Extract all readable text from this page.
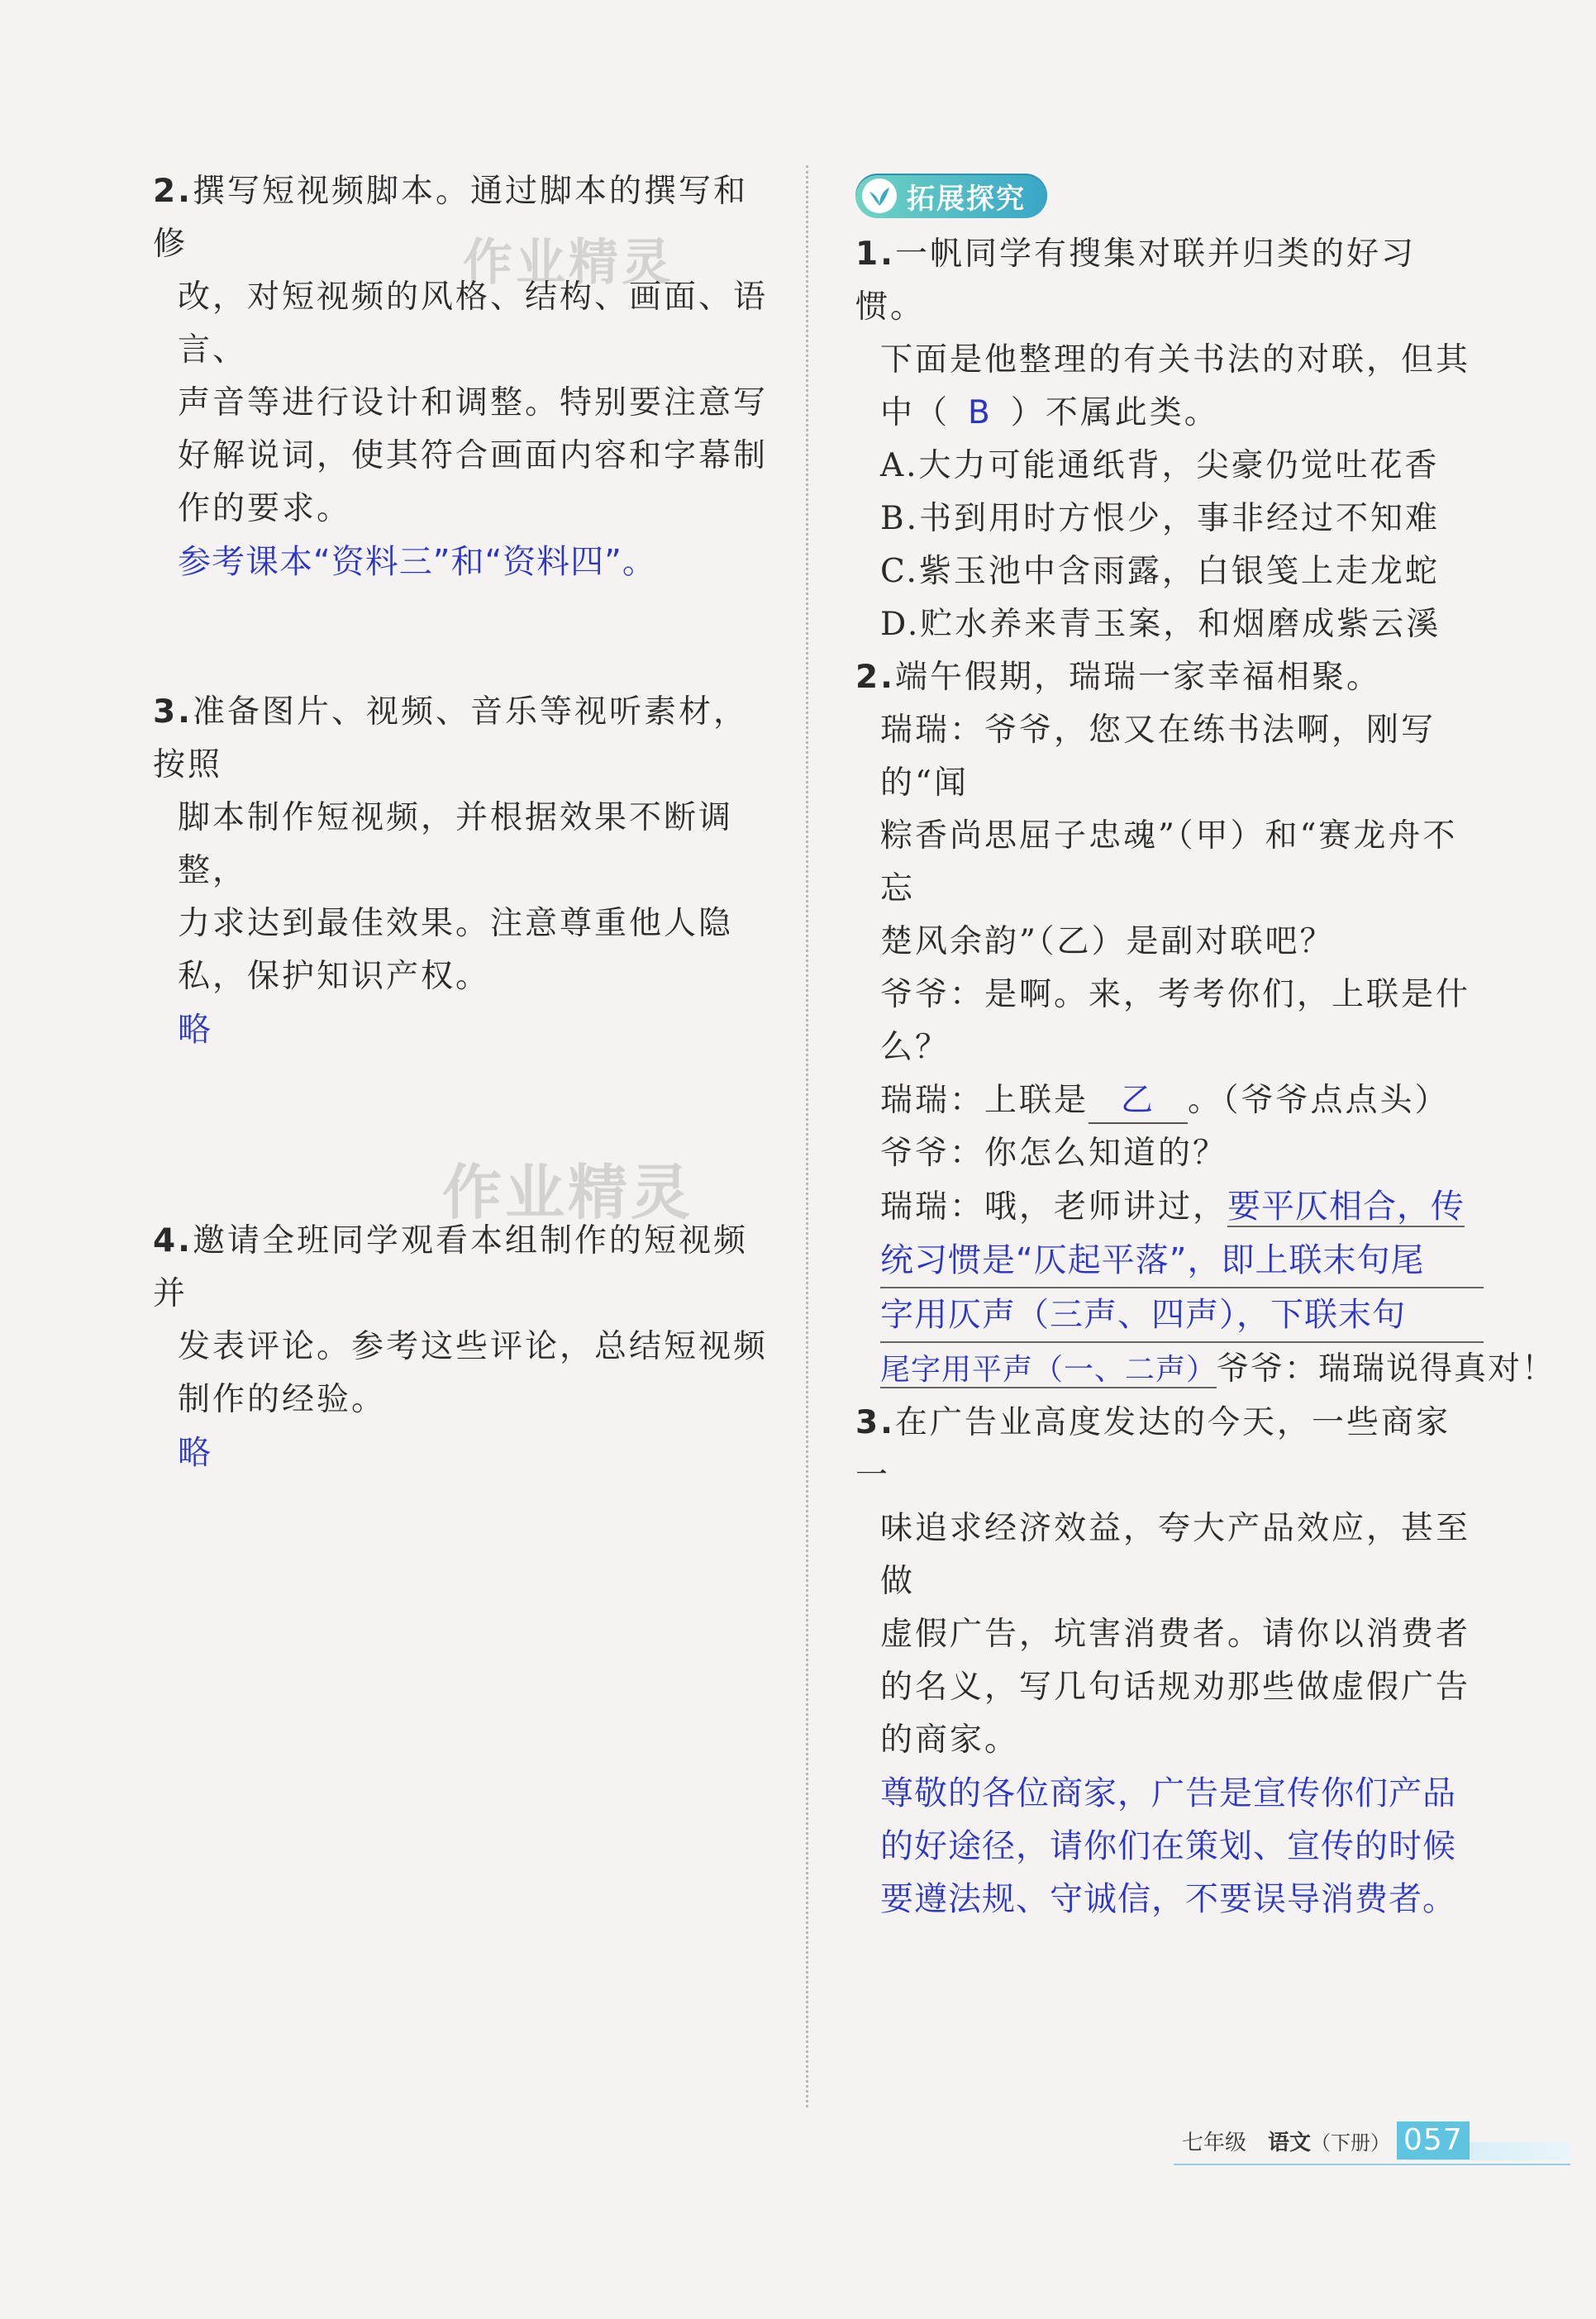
作业精灵
作业精灵

2.撰写短视频脚本。通过脚本的撰写和修

改，对短视频的风格、结构、画面、语言、

声音等进行设计和调整。特别要注意写

好解说词，使其符合画面内容和字幕制

作的要求。

参考课本“资料三”和“资料四”。

3.准备图片、视频、音乐等视听素材，按照

脚本制作短视频，并根据效果不断调整，

力求达到最佳效果。注意尊重他人隐

私，保护知识产权。

略

4.邀请全班同学观看本组制作的短视频并

发表评论。参考这些评论，总结短视频

制作的经验。

略
拓展探究

1.一帆同学有搜集对联并归类的好习惯。

下面是他整理的有关书法的对联，但其

中（ B ）不属此类。

A.大力可能通纸背，尖豪仍觉吐花香
B.书到用时方恨少，事非经过不知难
C.紫玉池中含雨露，白银笺上走龙蛇
D.贮水养来青玉案，和烟磨成紫云溪

2.端午假期，瑞瑞一家幸福相聚。

瑞瑞：爷爷，您又在练书法啊，刚写的“闻

粽香尚思屈子忠魂”（甲）和“赛龙舟不忘

楚风余韵”（乙）是副对联吧？

爷爷：是啊。来，考考你们，上联是什么？

瑞瑞：上联是 乙 。（爷爷点点头）

爷爷：你怎么知道的？

瑞瑞：哦，老师讲过，要平仄相合，传
统习惯是“仄起平落”，即上联末句尾
字用仄声（三声、四声），下联末句
尾字用平声（一、二声）爷爷：瑞瑞说得真对！

3.在广告业高度发达的今天，一些商家一

味追求经济效益，夸大产品效应，甚至做

虚假广告，坑害消费者。请你以消费者

的名义，写几句话规劝那些做虚假广告

的商家。

尊敬的各位商家，广告是宣传你们产品
的好途径，请你们在策划、宣传的时候
要遵法规、守诚信，不要误导消费者。
七年级 语文 （下册） 057
